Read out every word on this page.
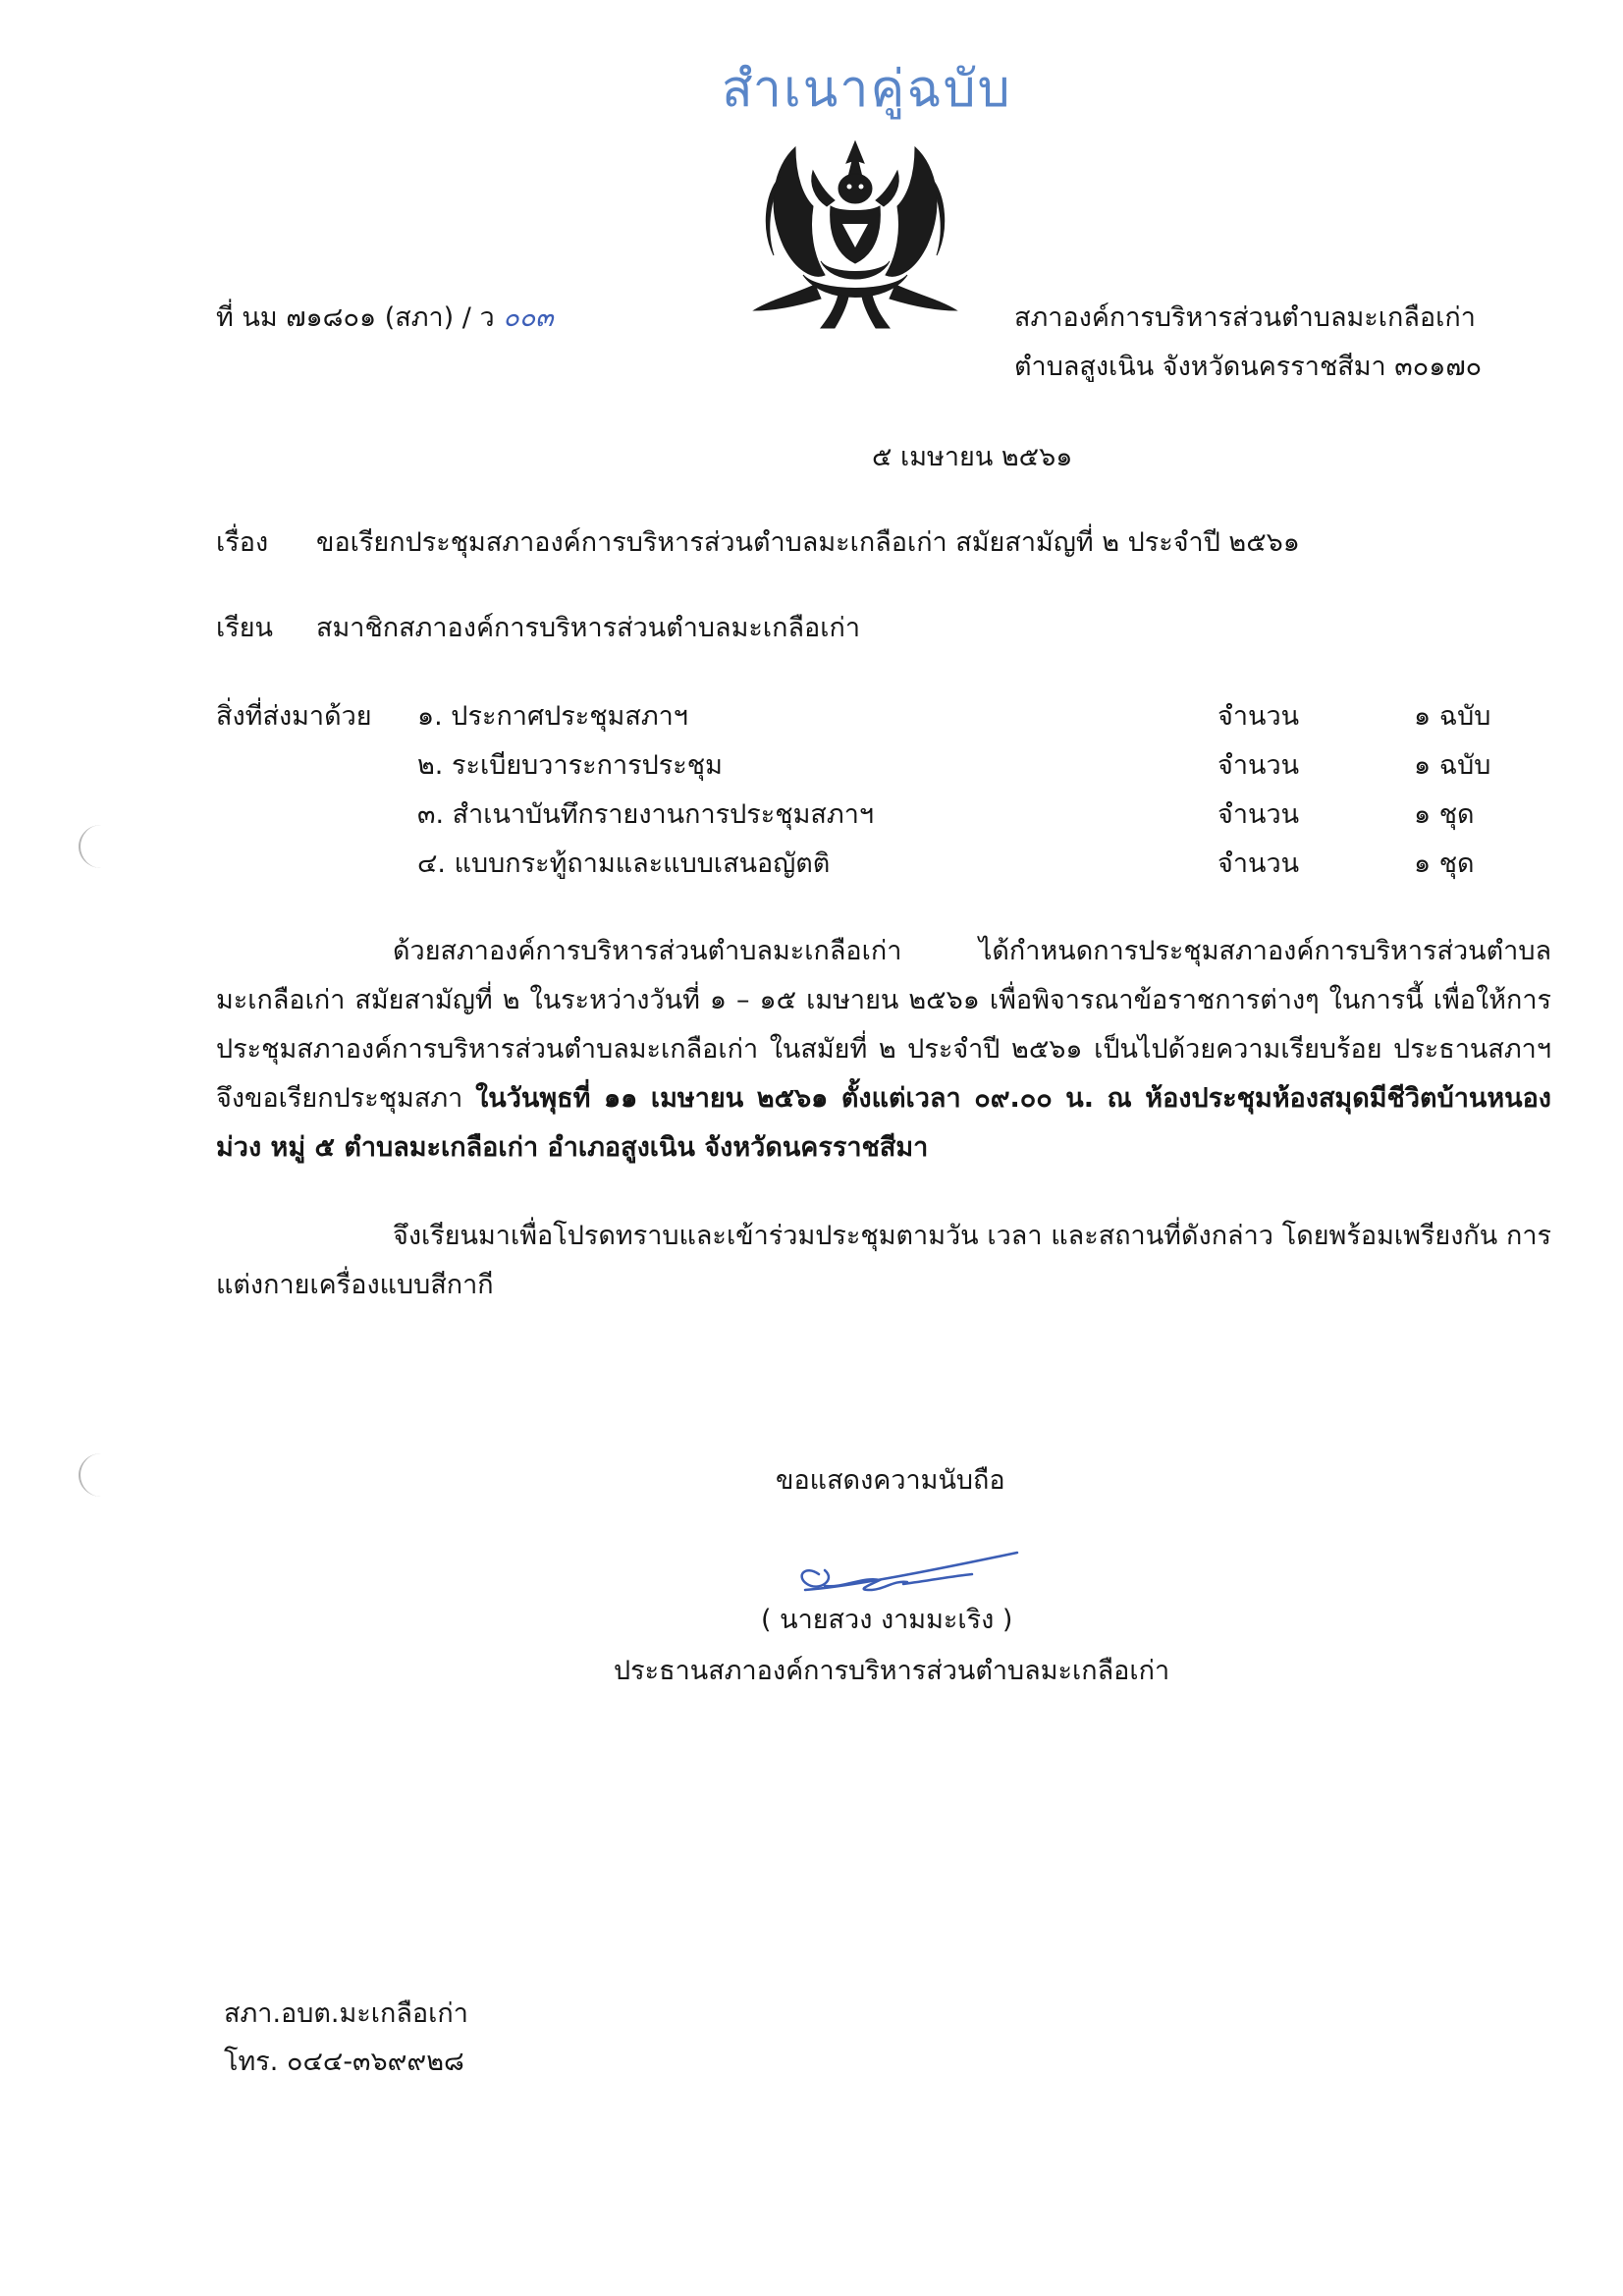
สำเนาคู่ฉบับ
ที่ นม ๗๑๘๐๑ (สภา) / ว ๐๐๓	สภาองค์การบริหารส่วนตำบลมะเกลือเก่า
ตำบลสูงเนิน จังหวัดนครราชสีมา ๓๐๑๗๐
๕ เมษายน ๒๕๖๑
เรื่อง ขอเรียกประชุมสภาองค์การบริหารส่วนตำบลมะเกลือเก่า สมัยสามัญที่ ๒ ประจำปี ๒๕๖๑
เรียน สมาชิกสภาองค์การบริหารส่วนตำบลมะเกลือเก่า
สิ่งที่ส่งมาด้วย ๑. ประกาศประชุมสภาฯ	จำนวน	๑ ฉบับ
๒. ระเบียบวาระการประชุม	จำนวน	๑ ฉบับ
๓. สำเนาบันทึกรายงานการประชุมสภาฯ	จำนวน	๑ ชุด
๔. แบบกระทู้ถามและแบบเสนอญัตติ	จำนวน	๑ ชุด
ด้วยสภาองค์การบริหารส่วนตำบลมะเกลือเก่า ได้กำหนดการประชุมสภาองค์การบริหารส่วนตำบลมะเกลือเก่า สมัยสามัญที่ ๒ ในระหว่างวันที่ ๑ – ๑๕ เมษายน ๒๕๖๑ เพื่อพิจารณาข้อราชการต่างๆ ในการนี้ เพื่อให้การประชุมสภาองค์การบริหารส่วนตำบลมะเกลือเก่า ในสมัยที่ ๒ ประจำปี ๒๕๖๑ เป็นไปด้วยความเรียบร้อย ประธานสภาฯ จึงขอเรียกประชุมสภา ในวันพุธที่ ๑๑ เมษายน ๒๕๖๑ ตั้งแต่เวลา ๐๙.๐๐ น. ณ ห้องประชุมห้องสมุดมีชีวิตบ้านหนองม่วง หมู่ ๕ ตำบลมะเกลือเก่า อำเภอสูงเนิน จังหวัดนครราชสีมา
จึงเรียนมาเพื่อโปรดทราบและเข้าร่วมประชุมตามวัน เวลา และสถานที่ดังกล่าว โดยพร้อมเพรียงกัน การแต่งกายเครื่องแบบสีกากี
ขอแสดงความนับถือ
( นายสวง งามมะเริง )
ประธานสภาองค์การบริหารส่วนตำบลมะเกลือเก่า
สภา.อบต.มะเกลือเก่า
โทร. ๐๔๔-๓๖๙๙๒๘
